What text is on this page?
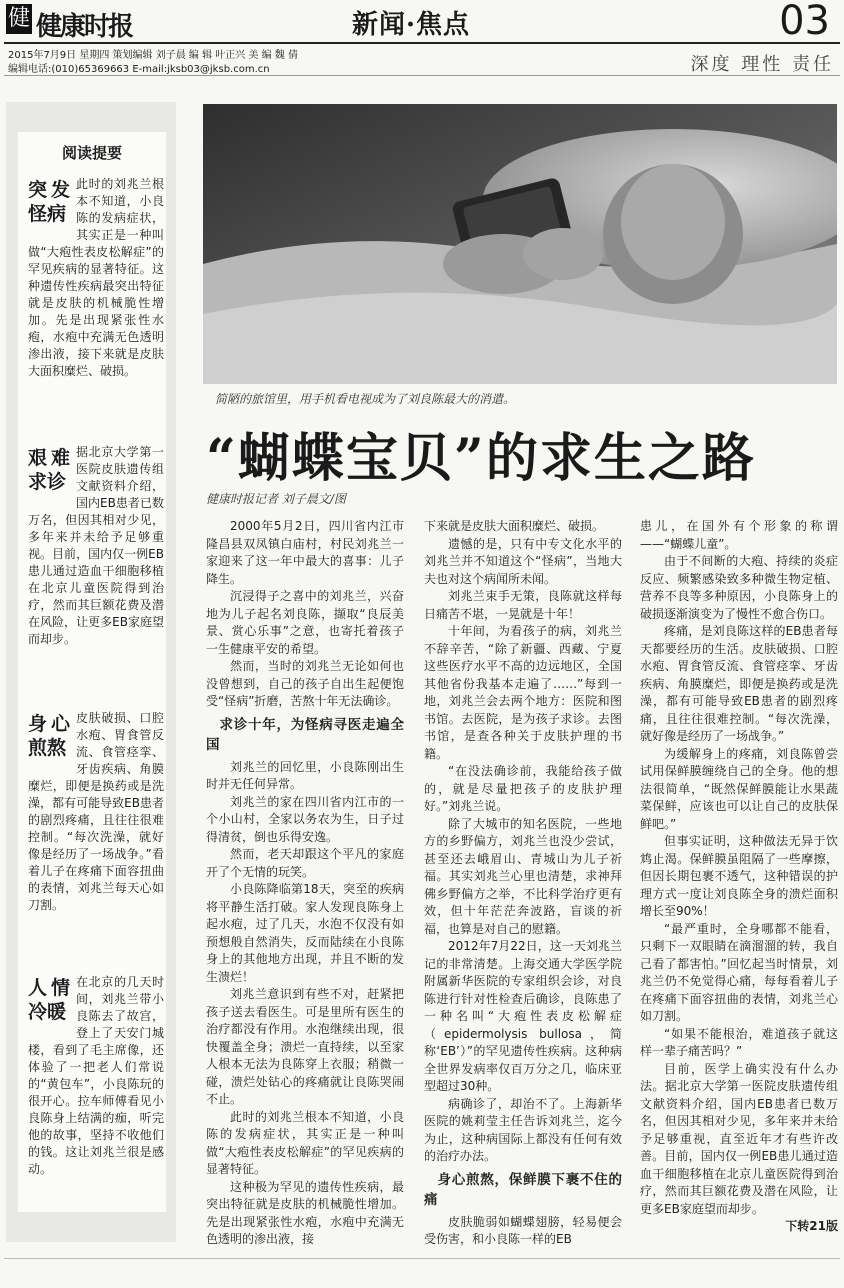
健 健康时报	新闻·焦点	03
2015年7月9日 星期四 策划编辑 刘子晨 编 辑 叶正兴 美 编 魏 倩
编辑电话:(010)65369663 E-mail:jksb03@jksb.com.cn	深度 理性 责任
阅读提要
突发怪病
此时的刘兆兰根本不知道，小良陈的发病症状，其实正是一种叫做“大疱性表皮松解症”的罕见疾病的显著特征。这种遗传性疾病最突出特征就是皮肤的机械脆性增加。先是出现紧张性水疱，水疱中充满无色透明渗出液，接下来就是皮肤大面积糜烂、破损。
艰难求诊
据北京大学第一医院皮肤遗传组文献资料介绍，国内EB患者已数万名，但因其相对少见，多年来并未给予足够重视。目前，国内仅一例EB患儿通过造血干细胞移植在北京儿童医院得到治疗，然而其巨额花费及潜在风险，让更多EB家庭望而却步。
身心煎熬
皮肤破损、口腔水疱、胃食管反流、食管痉挛、牙齿疾病、角膜糜烂，即便是换药或是洗澡，都有可能导致EB患者的剧烈疼痛，且往往很难控制。“每次洗澡，就好像是经历了一场战争。”看着儿子在疼痛下面容扭曲的表情，刘兆兰每天心如刀割。
人情冷暖
在北京的几天时间，刘兆兰带小良陈去了故宫，登上了天安门城楼，看到了毛主席像，还体验了一把老人们常说的“黄包车”，小良陈玩的很开心。拉车师傅看见小良陈身上结满的痂，听完他的故事，坚持不收他们的钱。这让刘兆兰很是感动。
简陋的旅馆里，用手机看电视成为了刘良陈最大的消遣。
“蝴蝶宝贝”的求生之路
健康时报记者 刘子晨文/图

2000年5月2日，四川省内江市隆昌县双凤镇白庙村，村民刘兆兰一家迎来了这一年中最大的喜事：儿子降生。

沉浸得子之喜中的刘兆兰，兴奋地为儿子起名刘良陈，撷取“良辰美景、赏心乐事”之意，也寄托着孩子一生健康平安的希望。

然而，当时的刘兆兰无论如何也没曾想到，自己的孩子自出生起便饱受“怪病”折磨，苦熬十年无法确诊。

求诊十年，为怪病寻医走遍全国

刘兆兰的回忆里，小良陈刚出生时并无任何异常。

刘兆兰的家在四川省内江市的一个小山村，全家以务农为生，日子过得清贫，倒也乐得安逸。

然而，老天却跟这个平凡的家庭开了个无情的玩笑。

小良陈降临第18天，突至的疾病将平静生活打破。家人发现良陈身上起水疱，过了几天，水泡不仅没有如预想般自然消失，反而陆续在小良陈身上的其他地方出现，并且不断的发生溃烂！

刘兆兰意识到有些不对，赶紧把孩子送去看医生。可是里所有医生的治疗都没有作用。水泡继续出现，很快覆盖全身；溃烂一直持续，以至家人根本无法为良陈穿上衣服；稍微一碰，溃烂处钻心的疼痛就让良陈哭闹不止。

此时的刘兆兰根本不知道，小良陈的发病症状，其实正是一种叫做“大疱性表皮松解症”的罕见疾病的显著特征。

这种极为罕见的遗传性疾病，最突出特征就是皮肤的机械脆性增加。先是出现紧张性水疱，水疱中充满无色透明的渗出液，接

下来就是皮肤大面积糜烂、破损。

遗憾的是，只有中专文化水平的刘兆兰并不知道这个“怪病”，当地大夫也对这个病闻所未闻。

刘兆兰束手无策，良陈就这样每日痛苦不堪，一晃就是十年！

十年间，为看孩子的病，刘兆兰不辞辛苦，“除了新疆、西藏、宁夏这些医疗水平不高的边远地区，全国其他省份我基本走遍了……”每到一地，刘兆兰会去两个地方：医院和图书馆。去医院，是为孩子求诊。去图书馆，是查各种关于皮肤护理的书籍。

“在没法确诊前，我能给孩子做的，就是尽量把孩子的皮肤护理好。”刘兆兰说。

除了大城市的知名医院，一些地方的乡野偏方，刘兆兰也没少尝试，甚至还去峨眉山、青城山为儿子祈福。其实刘兆兰心里也清楚，求神拜佛乡野偏方之举，不比科学治疗更有效，但十年茫茫奔波路，盲谈的祈福，也算是对自己的慰籍。

2012年7月22日，这一天刘兆兰记的非常清楚。上海交通大学医学院附属新华医院的专家组织会诊，对良陈进行针对性检查后确诊，良陈患了一种名叫“大疱性表皮松解症（epidermolysis bullosa，简称‘EB’）”的罕见遗传性疾病。这种病全世界发病率仅百万分之几，临床亚型超过30种。

病确诊了，却治不了。上海新华医院的姚莉莹主任告诉刘兆兰，迄今为止，这种病国际上都没有任何有效的治疗办法。

身心煎熬，保鲜膜下裹不住的痛

皮肤脆弱如蝴蝶翅膀，轻易便会受伤害，和小良陈一样的EB

患儿，在国外有个形象的称谓——“蝴蝶儿童”。

由于不间断的大疱、持续的炎症反应、频繁感染致多种微生物定植、营养不良等多种原因，小良陈身上的破损逐渐演变为了慢性不愈合伤口。

疼痛，是刘良陈这样的EB患者每天都要经历的生活。皮肤破损、口腔水疱、胃食管反流、食管痉挛、牙齿疾病、角膜糜烂，即便是换药或是洗澡，都有可能导致EB患者的剧烈疼痛，且往往很难控制。“每次洗澡，就好像是经历了一场战争。”

为缓解身上的疼痛，刘良陈曾尝试用保鲜膜缠绕自己的全身。他的想法很简单，“既然保鲜膜能让水果蔬菜保鲜，应该也可以让自己的皮肤保鲜吧。”

但事实证明，这种做法无异于饮鸩止渴。保鲜膜虽阻隔了一些摩擦，但因长期包裹不透气，这种错误的护理方式一度让刘良陈全身的溃烂面积增长至90%！

“最严重时，全身哪都不能看，只剩下一双眼睛在滴溜溜的转，我自己看了都害怕。”回忆起当时情景，刘兆兰仍不免觉得心痛，每每看着儿子在疼痛下面容扭曲的表情，刘兆兰心如刀割。

“如果不能根治，难道孩子就这样一辈子痛苦吗？”

目前，医学上确实没有什么办法。据北京大学第一医院皮肤遗传组文献资料介绍，国内EB患者已数万名，但因其相对少见，多年来并未给予足够重视，直至近年才有些许改善。目前，国内仅一例EB患儿通过造血干细胞移植在北京儿童医院得到治疗，然而其巨额花费及潜在风险，让更多EB家庭望而却步。

下转21版
